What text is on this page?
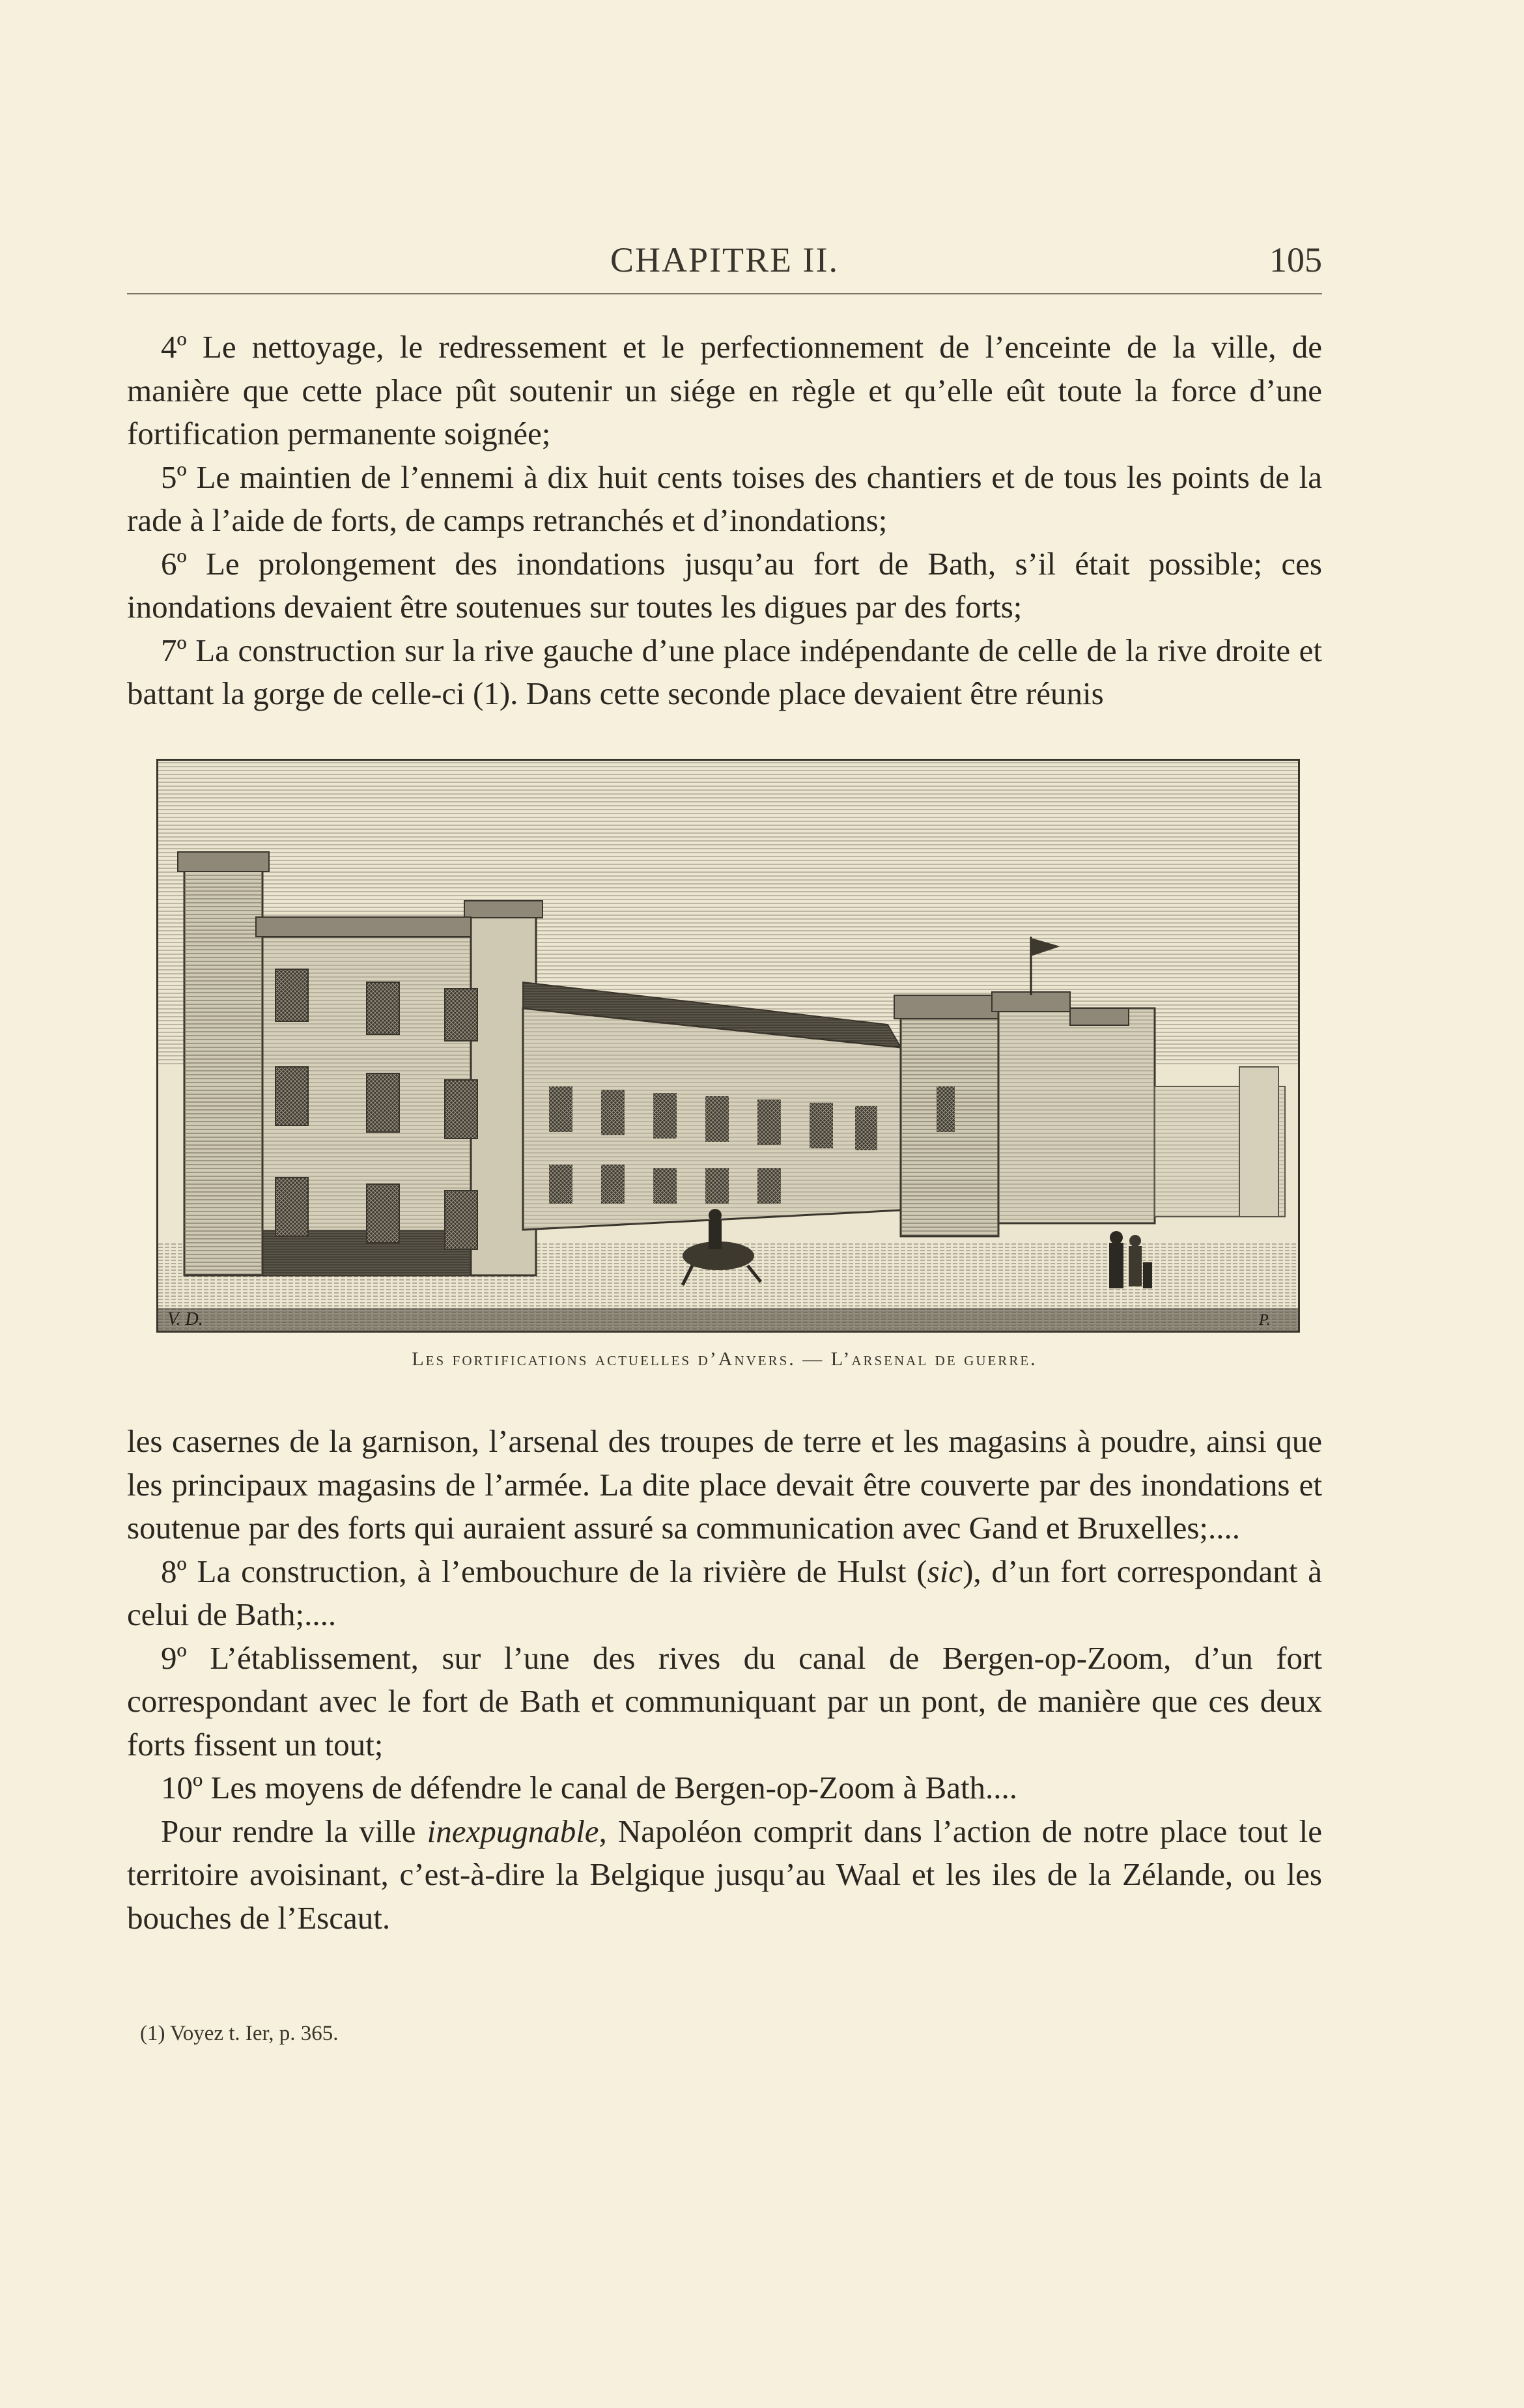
CHAPITRE II.	105

4º Le nettoyage, le redressement et le perfectionnement de l’enceinte de la ville, de manière que cette place pût soutenir un siége en règle et qu’elle eût toute la force d’une fortification permanente soignée;

5º Le maintien de l’ennemi à dix huit cents toises des chantiers et de tous les points de la rade à l’aide de forts, de camps retranchés et d’inondations;

6º Le prolongement des inondations jusqu’au fort de Bath, s’il était possible; ces inondations devaient être soutenues sur toutes les digues par des forts;

7º La construction sur la rive gauche d’une place indépendante de celle de la rive droite et battant la gorge de celle-ci (1). Dans cette seconde place devaient être réunis

V. D.	P.
Les fortifications actuelles d’Anvers. — L’arsenal de guerre.

les casernes de la garnison, l’arsenal des troupes de terre et les magasins à poudre, ainsi que les principaux magasins de l’armée. La dite place devait être couverte par des inondations et soutenue par des forts qui auraient assuré sa communication avec Gand et Bruxelles;....

8º La construction, à l’embouchure de la rivière de Hulst (sic), d’un fort correspondant à celui de Bath;....

9º L’établissement, sur l’une des rives du canal de Bergen-op-Zoom, d’un fort correspondant avec le fort de Bath et communiquant par un pont, de manière que ces deux forts fissent un tout;

10º Les moyens de défendre le canal de Bergen-op-Zoom à Bath....

Pour rendre la ville inexpugnable, Napoléon comprit dans l’action de notre place tout le territoire avoisinant, c’est-à-dire la Belgique jusqu’au Waal et les iles de la Zélande, ou les bouches de l’Escaut.

(1) Voyez t. Ier, p. 365.
